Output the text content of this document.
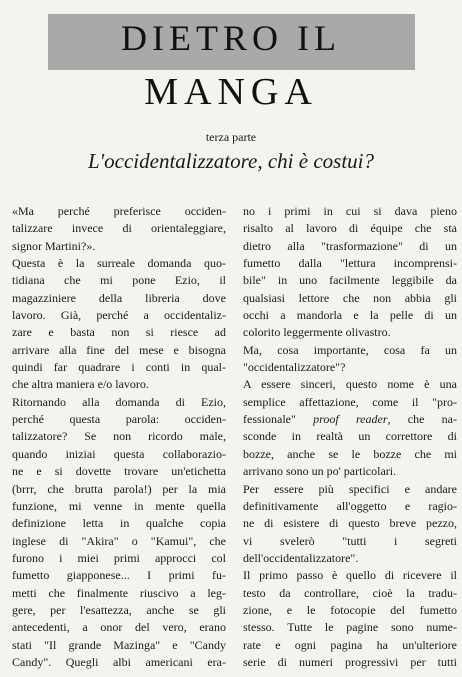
DIETRO IL
MANGA
terza parte
L'occidentalizzatore, chi è costui?
«Ma perché preferisce occiden-
talizzare invece di orientaleggiare,
signor Martini?».
Questa è la surreale domanda quo-
tidiana che mi pone Ezio, il
magazziniere della libreria dove
lavoro. Già, perché a occidentaliz-
zare e basta non si riesce ad
arrivare alla fine del mese e bisogna
quindi far quadrare i conti in qual-
che altra maniera e/o lavoro.
Ritornando alla domanda di Ezio,
perché questa parola: occiden-
talizzatore? Se non ricordo male,
quando iniziai questa collaborazio-
ne e si dovette trovare un'etichetta
(brrr, che brutta parola!) per la mia
funzione, mi venne in mente quella
definizione letta in qualche copia
inglese di "Akira" o "Kamui", che
furono i miei primi approcci col
fumetto giapponese... I primi fu-
metti che finalmente riuscivo a leg-
gere, per l'esattezza, anche se gli
antecedenti, a onor del vero, erano
stati "Il grande Mazinga" e "Candy
Candy". Quegli albi americani era-
no i primi in cui si dava pieno
risalto al lavoro di équipe che sta
dietro alla "trasformazione" di un
fumetto dalla "lettura incomprensi-
bile" in uno facilmente leggibile da
qualsiasi lettore che non abbia gli
occhi a mandorla e la pelle di un
colorito leggermente olivastro.
Ma, cosa importante, cosa fa un
"occidentalizzatore"?
A essere sinceri, questo nome è una
semplice affettazione, come il "pro-
fessionale" proof reader, che na-
sconde in realtà un correttore di
bozze, anche se le bozze che mi
arrivano sono un po' particolari.
Per essere più specifici e andare
definitivamente all'oggetto e ragio-
ne di esistere di questo breve pezzo,
vi svelerò "tutti i segreti
dell'occidentalizzatore".
Il primo passo è quello di ricevere il
testo da controllare, cioè la tradu-
zione, e le fotocopie del fumetto
stesso. Tutte le pagine sono nume-
rate e ogni pagina ha un'ulteriore
serie di numeri progressivi per tutti
